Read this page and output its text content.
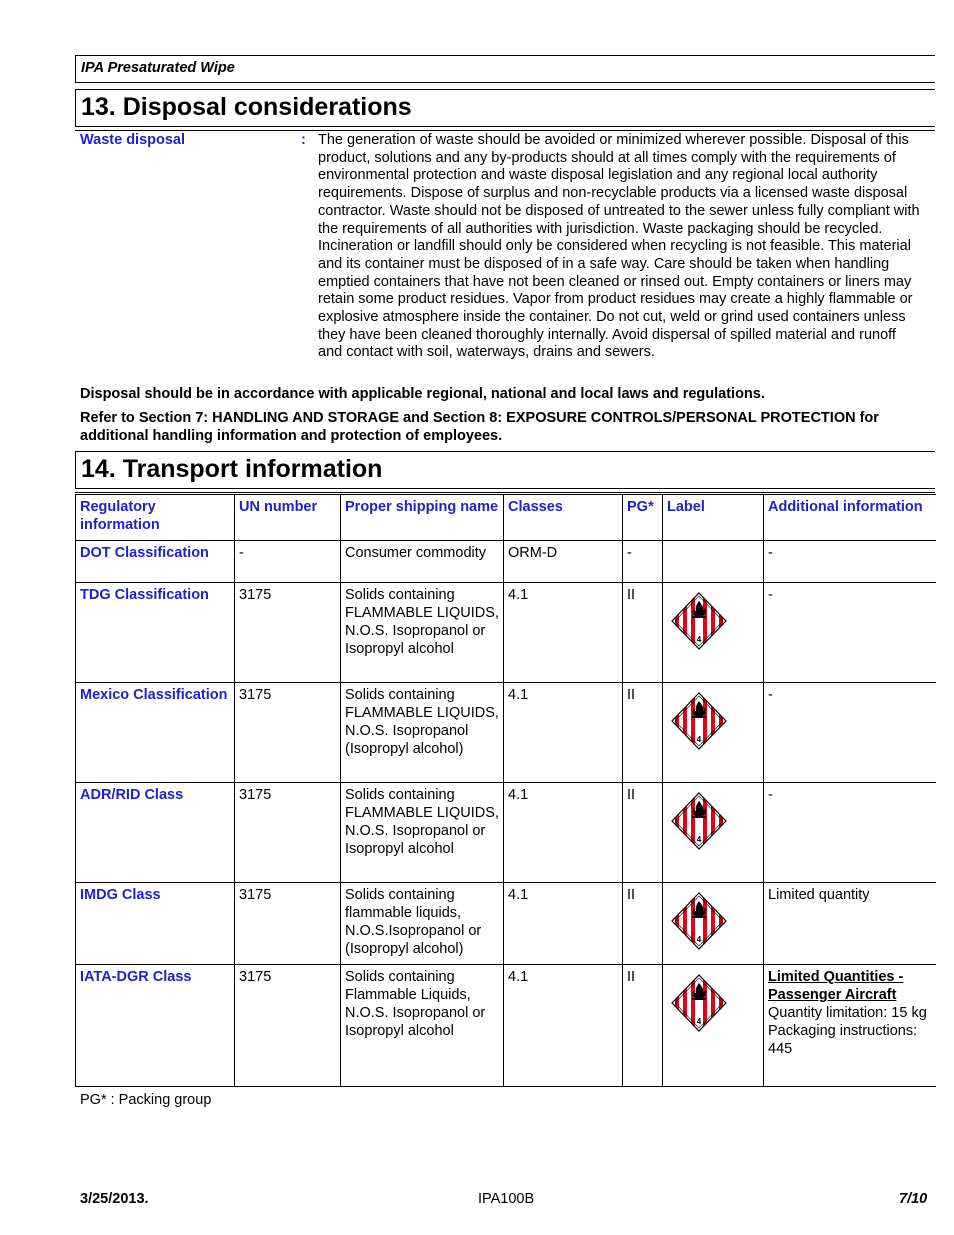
IPA Presaturated Wipe
13. Disposal considerations
Waste disposal	: The generation of waste should be avoided or minimized wherever possible. Disposal of this product, solutions and any by-products should at all times comply with the requirements of environmental protection and waste disposal legislation and any regional local authority requirements. Dispose of surplus and non-recyclable products via a licensed waste disposal contractor. Waste should not be disposed of untreated to the sewer unless fully compliant with the requirements of all authorities with jurisdiction. Waste packaging should be recycled. Incineration or landfill should only be considered when recycling is not feasible. This material and its container must be disposed of in a safe way. Care should be taken when handling emptied containers that have not been cleaned or rinsed out. Empty containers or liners may retain some product residues. Vapor from product residues may create a highly flammable or explosive atmosphere inside the container. Do not cut, weld or grind used containers unless they have been cleaned thoroughly internally. Avoid dispersal of spilled material and runoff and contact with soil, waterways, drains and sewers.
Disposal should be in accordance with applicable regional, national and local laws and regulations.
Refer to Section 7: HANDLING AND STORAGE and Section 8: EXPOSURE CONTROLS/PERSONAL PROTECTION for additional handling information and protection of employees.
14. Transport information
Regulatory information	UN number	Proper shipping name	Classes	PG*	Label	Additional information
DOT Classification	-	Consumer commodity	ORM-D	-		-
TDG Classification	3175	Solids containing FLAMMABLE LIQUIDS, N.O.S. Isopropanol or Isopropyl alcohol	4.1	II	4	-
Mexico Classification	3175	Solids containing FLAMMABLE LIQUIDS, N.O.S. Isopropanol (Isopropyl alcohol)	4.1	II	4	-
ADR/RID Class	3175	Solids containing FLAMMABLE LIQUIDS, N.O.S. Isopropanol or Isopropyl alcohol	4.1	II	4	-
IMDG Class	3175	Solids containing flammable liquids, N.O.S.Isopropanol or (Isopropyl alcohol)	4.1	II	4	Limited quantity
IATA-DGR Class	3175	Solids containing Flammable Liquids, N.O.S. Isopropanol or Isopropyl alcohol	4.1	II	4	Limited Quantities - Passenger Aircraft
Quantity limitation: 15 kg
Packaging instructions: 445
PG* : Packing group
3/25/2013.	IPA100B	7/10
